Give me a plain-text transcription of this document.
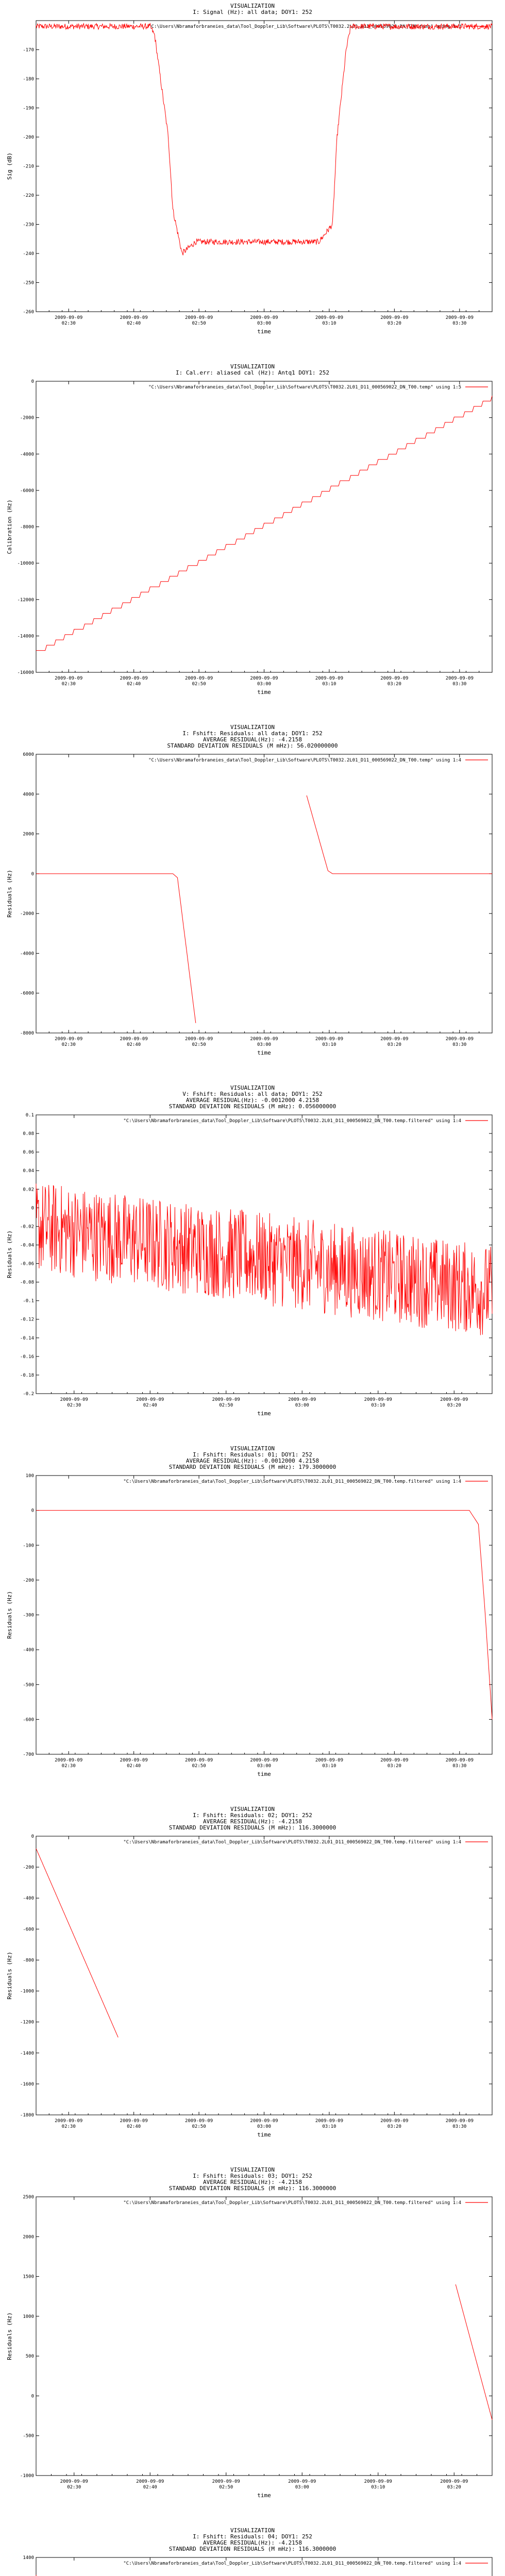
VISUALIZATION
I: Signal (Hz): all data; DOY1: 252
-170
-180
-190
-200
-210
-220
-230
-240
-250
-260
2009-09-09
02:30
2009-09-09
02:40
2009-09-09
02:50
2009-09-09
03:00
2009-09-09
03:10
2009-09-09
03:20
2009-09-09
03:30
time
Sig (dB)
"C:\Users\Nbramaforbraneies_data\Tool_Doppler_Lib\Software\PLOTS\T0032.2L01_D11_000569022_DN_T00.temp" using 1:3
VISUALIZATION
I: Cal.err: aliased cal (Hz): Antq1 DOY1: 252
0
-2000
-4000
-6000
-8000
-10000
-12000
-14000
-16000
2009-09-09
02:30
2009-09-09
02:40
2009-09-09
02:50
2009-09-09
03:00
2009-09-09
03:10
2009-09-09
03:20
2009-09-09
03:30
time
Calibration (Hz)
"C:\Users\Nbramaforbraneies_data\Tool_Doppler_Lib\Software\PLOTS\T0032.2L01_D11_000569022_DN_T00.temp" using 1:5
VISUALIZATION
I: Fshift: Residuals: all data; DOY1: 252
AVERAGE RESIDUAL(Hz): -4.2158
STANDARD DEVIATION RESIDUALS (M mHz): 56.020000000
6000
4000
2000
0
-2000
-4000
-6000
-8000
2009-09-09
02:30
2009-09-09
02:40
2009-09-09
02:50
2009-09-09
03:00
2009-09-09
03:10
2009-09-09
03:20
2009-09-09
03:30
time
Residuals (Hz)
"C:\Users\Nbramaforbraneies_data\Tool_Doppler_Lib\Software\PLOTS\T0032.2L01_D11_000569022_DN_T00.temp" using 1:4
VISUALIZATION
V: Fshift: Residuals: all data; DOY1: 252
AVERAGE RESIDUAL(Hz): -0.0012000 4.2158
STANDARD DEVIATION RESIDUALS (M mHz): 0.056000000
0.1
0.08
0.06
0.04
0.02
0
-0.02
-0.04
-0.06
-0.08
-0.1
-0.12
-0.14
-0.16
-0.18
-0.2
2009-09-09
02:30
2009-09-09
02:40
2009-09-09
02:50
2009-09-09
03:00
2009-09-09
03:10
2009-09-09
03:20
time
Residuals (Hz)
"C:\Users\Nbramaforbraneies_data\Tool_Doppler_Lib\Software\PLOTS\T0032.2L01_D11_000569022_DN_T00.temp.filtered" using 1:4
VISUALIZATION
I: Fshift: Residuals: 01; DOY1: 252
AVERAGE RESIDUAL(Hz): -0.0012000 4.2158
STANDARD DEVIATION RESIDUALS (M mHz): 179.3000000
100
0
-100
-200
-300
-400
-500
-600
-700
2009-09-09
02:30
2009-09-09
02:40
2009-09-09
02:50
2009-09-09
03:00
2009-09-09
03:10
2009-09-09
03:20
2009-09-09
03:30
time
Residuals (Hz)
"C:\Users\Nbramaforbraneies_data\Tool_Doppler_Lib\Software\PLOTS\T0032.2L01_D11_000569022_DN_T00.temp.filtered" using 1:4
VISUALIZATION
I: Fshift: Residuals: 02; DOY1: 252
AVERAGE RESIDUAL(Hz): -4.2158
STANDARD DEVIATION RESIDUALS (M mHz): 116.3000000
0
-200
-400
-600
-800
-1000
-1200
-1400
-1600
-1800
2009-09-09
02:30
2009-09-09
02:40
2009-09-09
02:50
2009-09-09
03:00
2009-09-09
03:10
2009-09-09
03:20
2009-09-09
03:30
time
Residuals (Hz)
"C:\Users\Nbramaforbraneies_data\Tool_Doppler_Lib\Software\PLOTS\T0032.2L01_D11_000569022_DN_T00.temp.filtered" using 1:4
VISUALIZATION
I: Fshift: Residuals: 03; DOY1: 252
AVERAGE RESIDUAL(Hz): -4.2158
STANDARD DEVIATION RESIDUALS (M mHz): 116.3000000
2500
2000
1500
1000
500
0
-500
-1000
2009-09-09
02:30
2009-09-09
02:40
2009-09-09
02:50
2009-09-09
03:00
2009-09-09
03:10
2009-09-09
03:20
time
Residuals (Hz)
"C:\Users\Nbramaforbraneies_data\Tool_Doppler_Lib\Software\PLOTS\T0032.2L01_D11_000569022_DN_T00.temp.filtered" using 1:4
VISUALIZATION
I: Fshift: Residuals: 04; DOY1: 252
AVERAGE RESIDUAL(Hz): -4.2158
STANDARD DEVIATION RESIDUALS (M mHz): 116.3000000
1400
"C:\Users\Nbramaforbraneies_data\Tool_Doppler_Lib\Software\PLOTS\T0032.2L01_D11_000569022_DN_T00.temp.filtered" using 1:4
